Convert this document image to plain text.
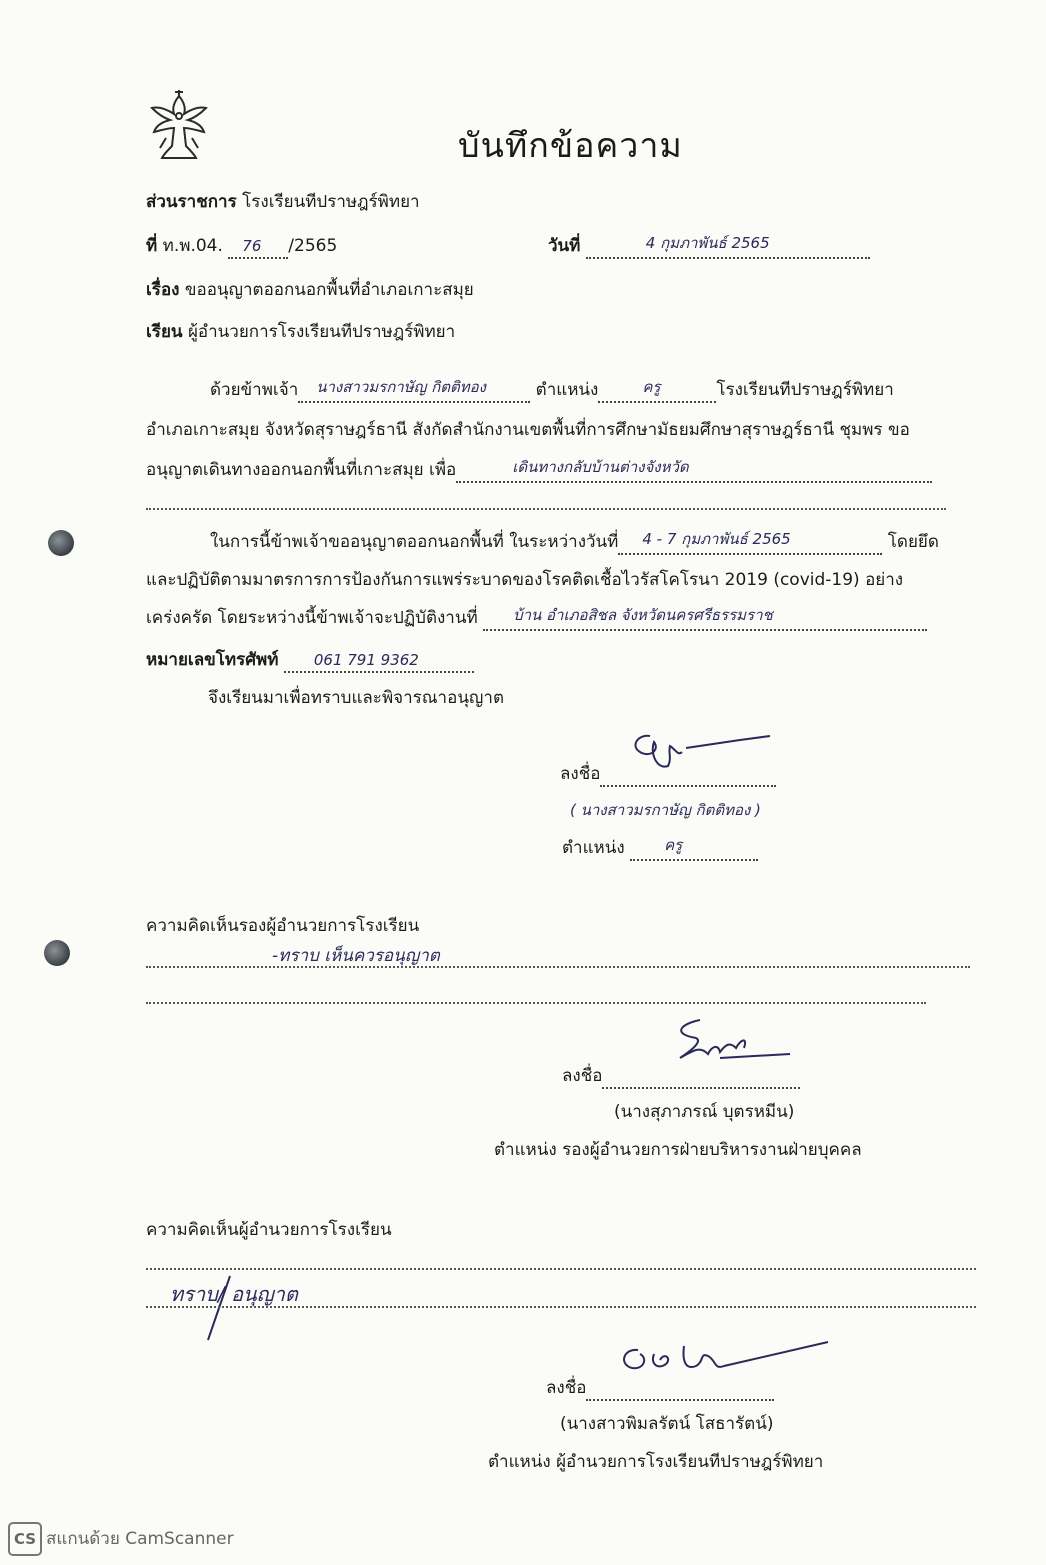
บันทึกข้อความ
ส่วนราชการ โรงเรียนทีปราษฎร์พิทยา
ที่ ท.พ.04. 76 /2565	วันที่	4 กุมภาพันธ์ 2565
เรื่อง ขออนุญาตออกนอกพื้นที่อำเภอเกาะสมุย
เรียน ผู้อำนวยการโรงเรียนทีปราษฎร์พิทยา
ด้วยข้าพเจ้า นางสาวมรกาษัญ กิตติทอง	ตำแหน่ง	ครู	โรงเรียนทีปราษฎร์พิทยา
อำเภอเกาะสมุย จังหวัดสุราษฎร์ธานี สังกัดสำนักงานเขตพื้นที่การศึกษามัธยมศึกษาสุราษฎร์ธานี ชุมพร ขอ
อนุญาตเดินทางออกนอกพื้นที่เกาะสมุย เพื่อ	เดินทางกลับบ้านต่างจังหวัด
ในการนี้ข้าพเจ้าขออนุญาตออกนอกพื้นที่ ในระหว่างวันที่ 4 - 7 กุมภาพันธ์ 2565	โดยยึด
และปฏิบัติตามมาตรการการป้องกันการแพร่ระบาดของโรคติดเชื้อไวรัสโคโรนา 2019 (covid-19) อย่าง
เคร่งครัด โดยระหว่างนี้ข้าพเจ้าจะปฏิบัติงานที่ บ้าน อำเภอสิชล จังหวัดนครศรีธรรมราช
หมายเลขโทรศัพท์ 061 791 9362
จึงเรียนมาเพื่อทราบและพิจารณาอนุญาต
ลงชื่อ
( นางสาวมรกาษัญ กิตติทอง )
ตำแหน่ง	ครู
ความคิดเห็นรองผู้อำนวยการโรงเรียน
-ทราบ เห็นควรอนุญาต
ลงชื่อ
(นางสุภาภรณ์ บุตรหมีน)
ตำแหน่ง รองผู้อำนวยการฝ่ายบริหารงานฝ่ายบุคคล
ความคิดเห็นผู้อำนวยการโรงเรียน
ทราบ/ อนุญาต
ลงชื่อ
(นางสาวพิมลรัตน์ โสธารัตน์)
ตำแหน่ง ผู้อำนวยการโรงเรียนทีปราษฎร์พิทยา
CS สแกนด้วย CamScanner
